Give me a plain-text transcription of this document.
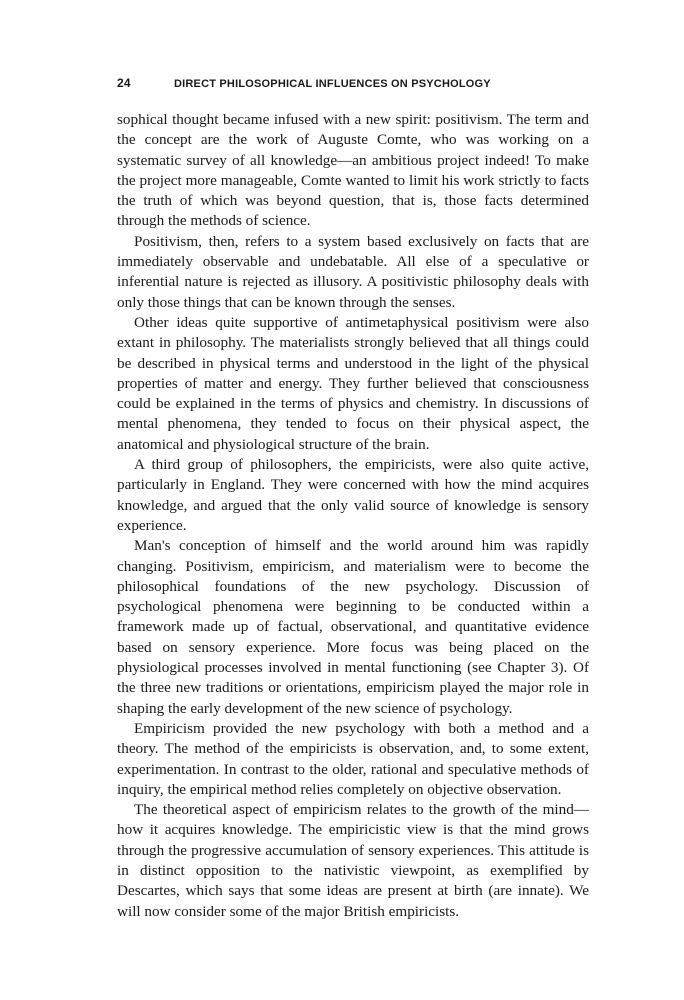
24	DIRECT PHILOSOPHICAL INFLUENCES ON PSYCHOLOGY

sophical thought became infused with a new spirit: positivism. The term and the concept are the work of Auguste Comte, who was working on a systematic survey of all knowledge—an ambitious project indeed! To make the project more manageable, Comte wanted to limit his work strictly to facts the truth of which was beyond question, that is, those facts determined through the methods of science.

Positivism, then, refers to a system based exclusively on facts that are immediately observable and undebatable. All else of a speculative or inferential nature is rejected as illusory. A positivistic philosophy deals with only those things that can be known through the senses.

Other ideas quite supportive of antimetaphysical positivism were also extant in philosophy. The materialists strongly believed that all things could be described in physical terms and understood in the light of the physical properties of matter and energy. They further believed that consciousness could be explained in the terms of physics and chemistry. In discussions of mental phenomena, they tended to focus on their physical aspect, the anatomical and physiological structure of the brain.

A third group of philosophers, the empiricists, were also quite active, particularly in England. They were concerned with how the mind acquires knowledge, and argued that the only valid source of knowledge is sensory experience.

Man's conception of himself and the world around him was rapidly changing. Positivism, empiricism, and materialism were to become the philosophical foundations of the new psychology. Discussion of psychological phenomena were beginning to be conducted within a framework made up of factual, observational, and quantitative evidence based on sensory experience. More focus was being placed on the physiological processes involved in mental functioning (see Chapter 3). Of the three new traditions or orientations, empiricism played the major role in shaping the early development of the new science of psychology.

Empiricism provided the new psychology with both a method and a theory. The method of the empiricists is observation, and, to some extent, experimentation. In contrast to the older, rational and speculative methods of inquiry, the empirical method relies completely on objective observation.

The theoretical aspect of empiricism relates to the growth of the mind—how it acquires knowledge. The empiricistic view is that the mind grows through the progressive accumulation of sensory experiences. This attitude is in distinct opposition to the nativistic viewpoint, as exemplified by Descartes, which says that some ideas are present at birth (are innate). We will now consider some of the major British empiricists.
